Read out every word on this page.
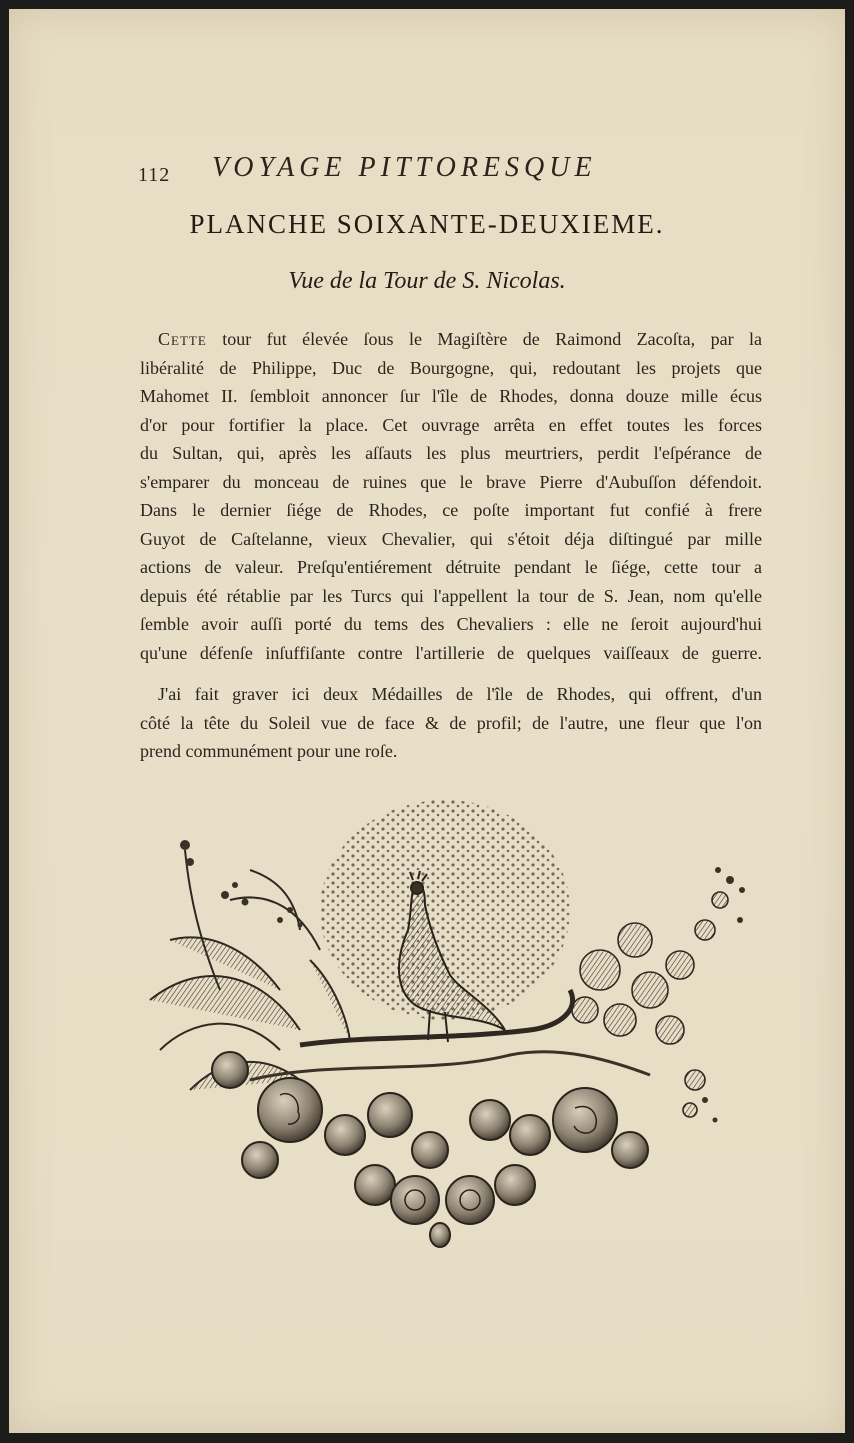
112 VOYAGE PITTORESQUE
PLANCHE SOIXANTE-DEUXIEME.
Vue de la Tour de S. Nicolas.
Cette tour fut élevée ſous le Magiſtère de Raimond Zacoſta, par la
libéralité de Philippe, Duc de Bourgogne, qui, redoutant les projets que
Mahomet II. ſembloit annoncer ſur l'île de Rhodes, donna douze mille écus
d'or pour fortifier la place. Cet ouvrage arrêta en effet toutes les forces
du Sultan, qui, après les aſſauts les plus meurtriers, perdit l'eſpérance de
s'emparer du monceau de ruines que le brave Pierre d'Aubuſſon défendoit.
Dans le dernier ſiége de Rhodes, ce poſte important fut confié à frere
Guyot de Caſtelanne, vieux Chevalier, qui s'étoit déja diſtingué par mille
actions de valeur. Preſqu'entiérement détruite pendant le ſiége, cette tour a
depuis été rétablie par les Turcs qui l'appellent la tour de S. Jean, nom qu'elle
ſemble avoir auſſi porté du tems des Chevaliers : elle ne ſeroit aujourd'hui
qu'une défenſe inſuffiſante contre l'artillerie de quelques vaiſſeaux de guerre.
J'ai fait graver ici deux Médailles de l'île de Rhodes, qui offrent, d'un
côté la tête du Soleil vue de face & de profil; de l'autre, une fleur que l'on
prend communément pour une roſe.
